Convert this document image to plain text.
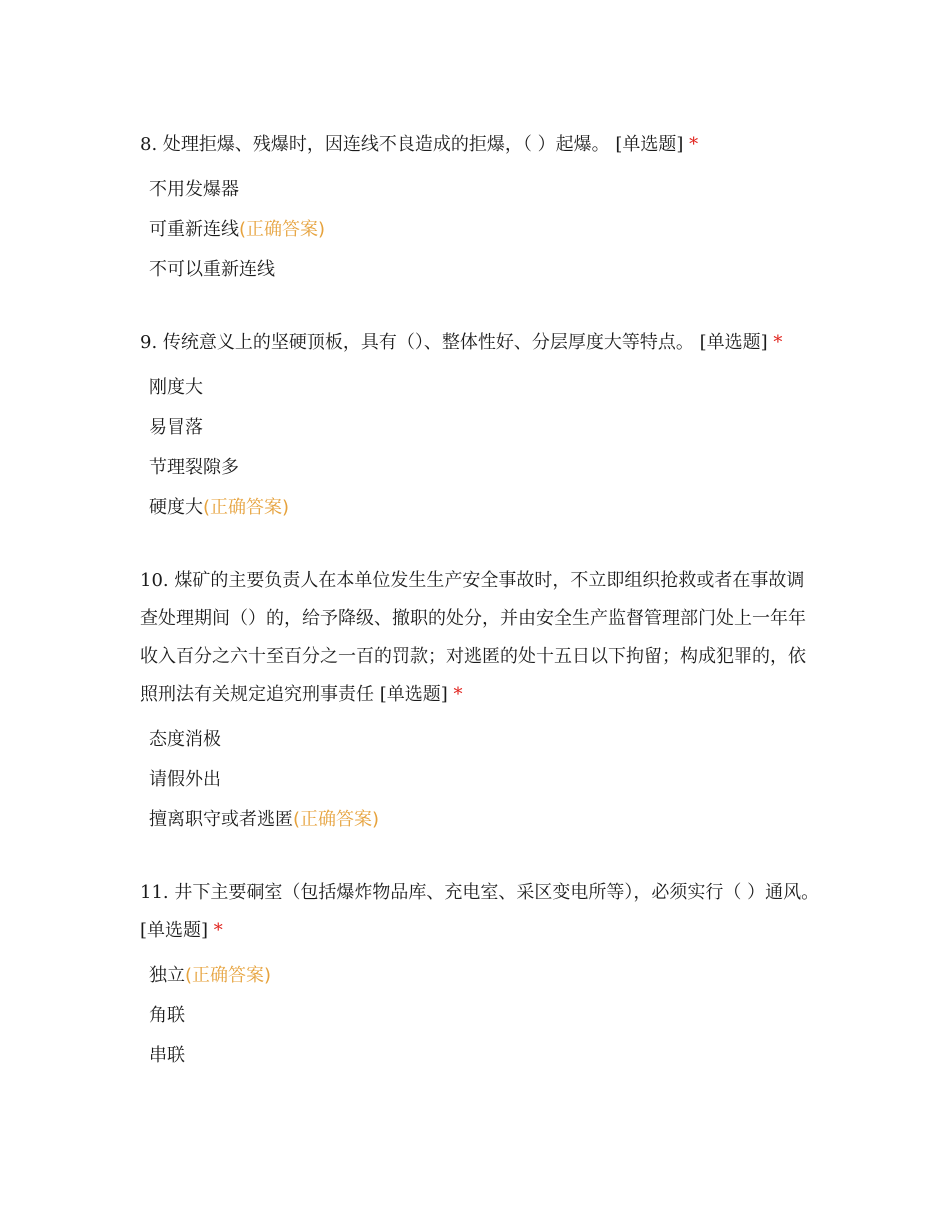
8. 处理拒爆、残爆时，因连线不良造成的拒爆，（ ）起爆。 [单选题] *

不用发爆器
可重新连线(正确答案)
不可以重新连线

9. 传统意义上的坚硬顶板，具有（）、整体性好、分层厚度大等特点。 [单选题] *

刚度大
易冒落
节理裂隙多
硬度大(正确答案)

10. 煤矿的主要负责人在本单位发生生产安全事故时，不立即组织抢救或者在事故调查处理期间（）的，给予降级、撤职的处分，并由安全生产监督管理部门处上一年年收入百分之六十至百分之一百的罚款；对逃匿的处十五日以下拘留；构成犯罪的，依照刑法有关规定追究刑事责任 [单选题] *

态度消极
请假外出
擅离职守或者逃匿(正确答案)

11. 井下主要硐室（包括爆炸物品库、充电室、采区变电所等），必须实行（ ）通风。 [单选题] *

独立(正确答案)
角联
串联
